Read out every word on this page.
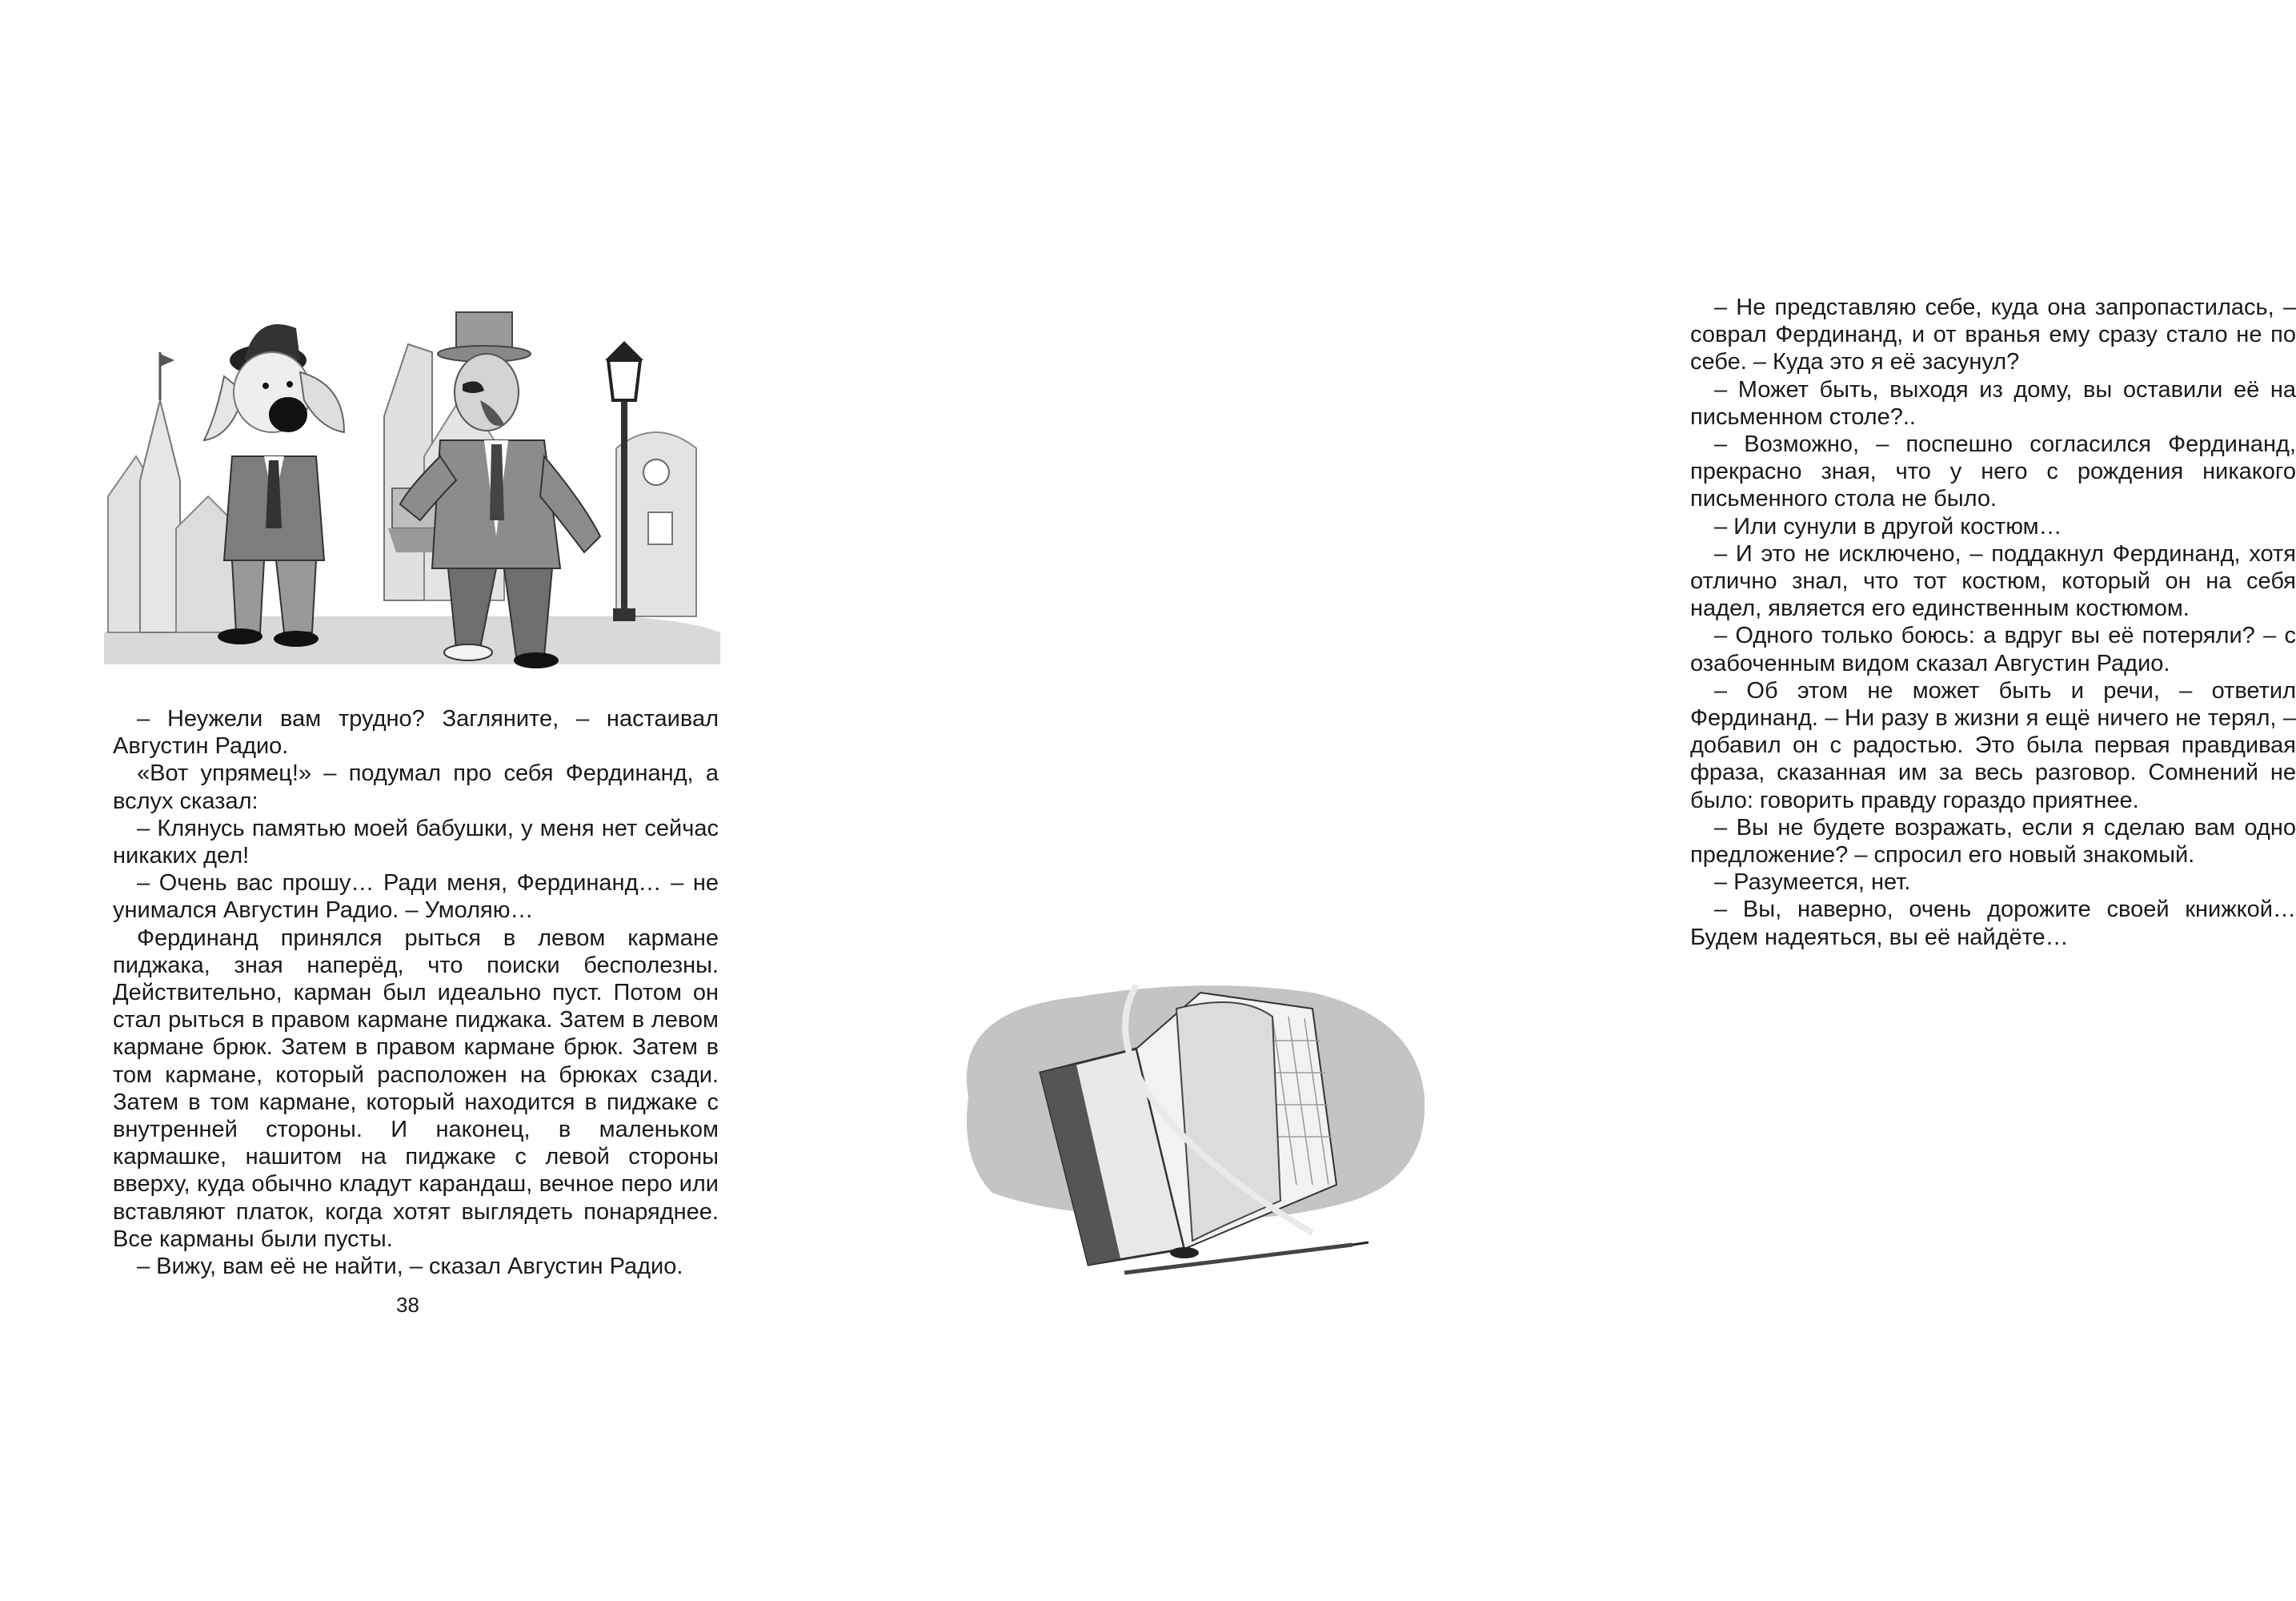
– Неужели вам трудно? Загляните, – настаивал Августин Радио.

«Вот упрямец!» – подумал про себя Фердинанд, а вслух сказал:

– Клянусь памятью моей бабушки, у меня нет сейчас никаких дел!

– Очень вас прошу… Ради меня, Фердинанд… – не унимался Августин Радио. – Умоляю…

Фердинанд принялся рыться в левом кармане пиджака, зная наперёд, что поиски бесполезны. Действительно, карман был идеально пуст. Потом он стал рыться в правом кармане пиджака. Затем в левом кармане брюк. Затем в правом кармане брюк. Затем в том кармане, который расположен на брюках сзади. Затем в том кармане, который находится в пиджаке с внутренней стороны. И наконец, в маленьком кармашке, нашитом на пиджаке с левой стороны вверху, куда обычно кладут карандаш, вечное перо или вставляют платок, когда хотят выглядеть понаряднее. Все карманы были пусты.

– Вижу, вам её не найти, – сказал Августин Радио.

38

– Не представляю себе, куда она запропастилась, – соврал Фердинанд, и от вранья ему сразу стало не по себе. – Куда это я её засунул?

– Может быть, выходя из дому, вы оставили её на письменном столе?..

– Возможно, – поспешно согласился Фердинанд, прекрасно зная, что у него с рождения никакого письменного стола не было.

– Или сунули в другой костюм…

– И это не исключено, – поддакнул Фердинанд, хотя отлично знал, что тот костюм, который он на себя надел, является его единственным костюмом.

– Одного только боюсь: а вдруг вы её потеряли? – с озабоченным видом сказал Августин Радио.

– Об этом не может быть и речи, – ответил Фердинанд. – Ни разу в жизни я ещё ничего не терял, – добавил он с радостью. Это была первая правдивая фраза, сказанная им за весь разговор. Сомнений не было: говорить правду гораздо приятнее.

– Вы не будете возражать, если я сделаю вам одно предложение? – спросил его новый знакомый.

– Разумеется, нет.

– Вы, наверно, очень дорожите своей книжкой… Будем надеяться, вы её найдёте…
